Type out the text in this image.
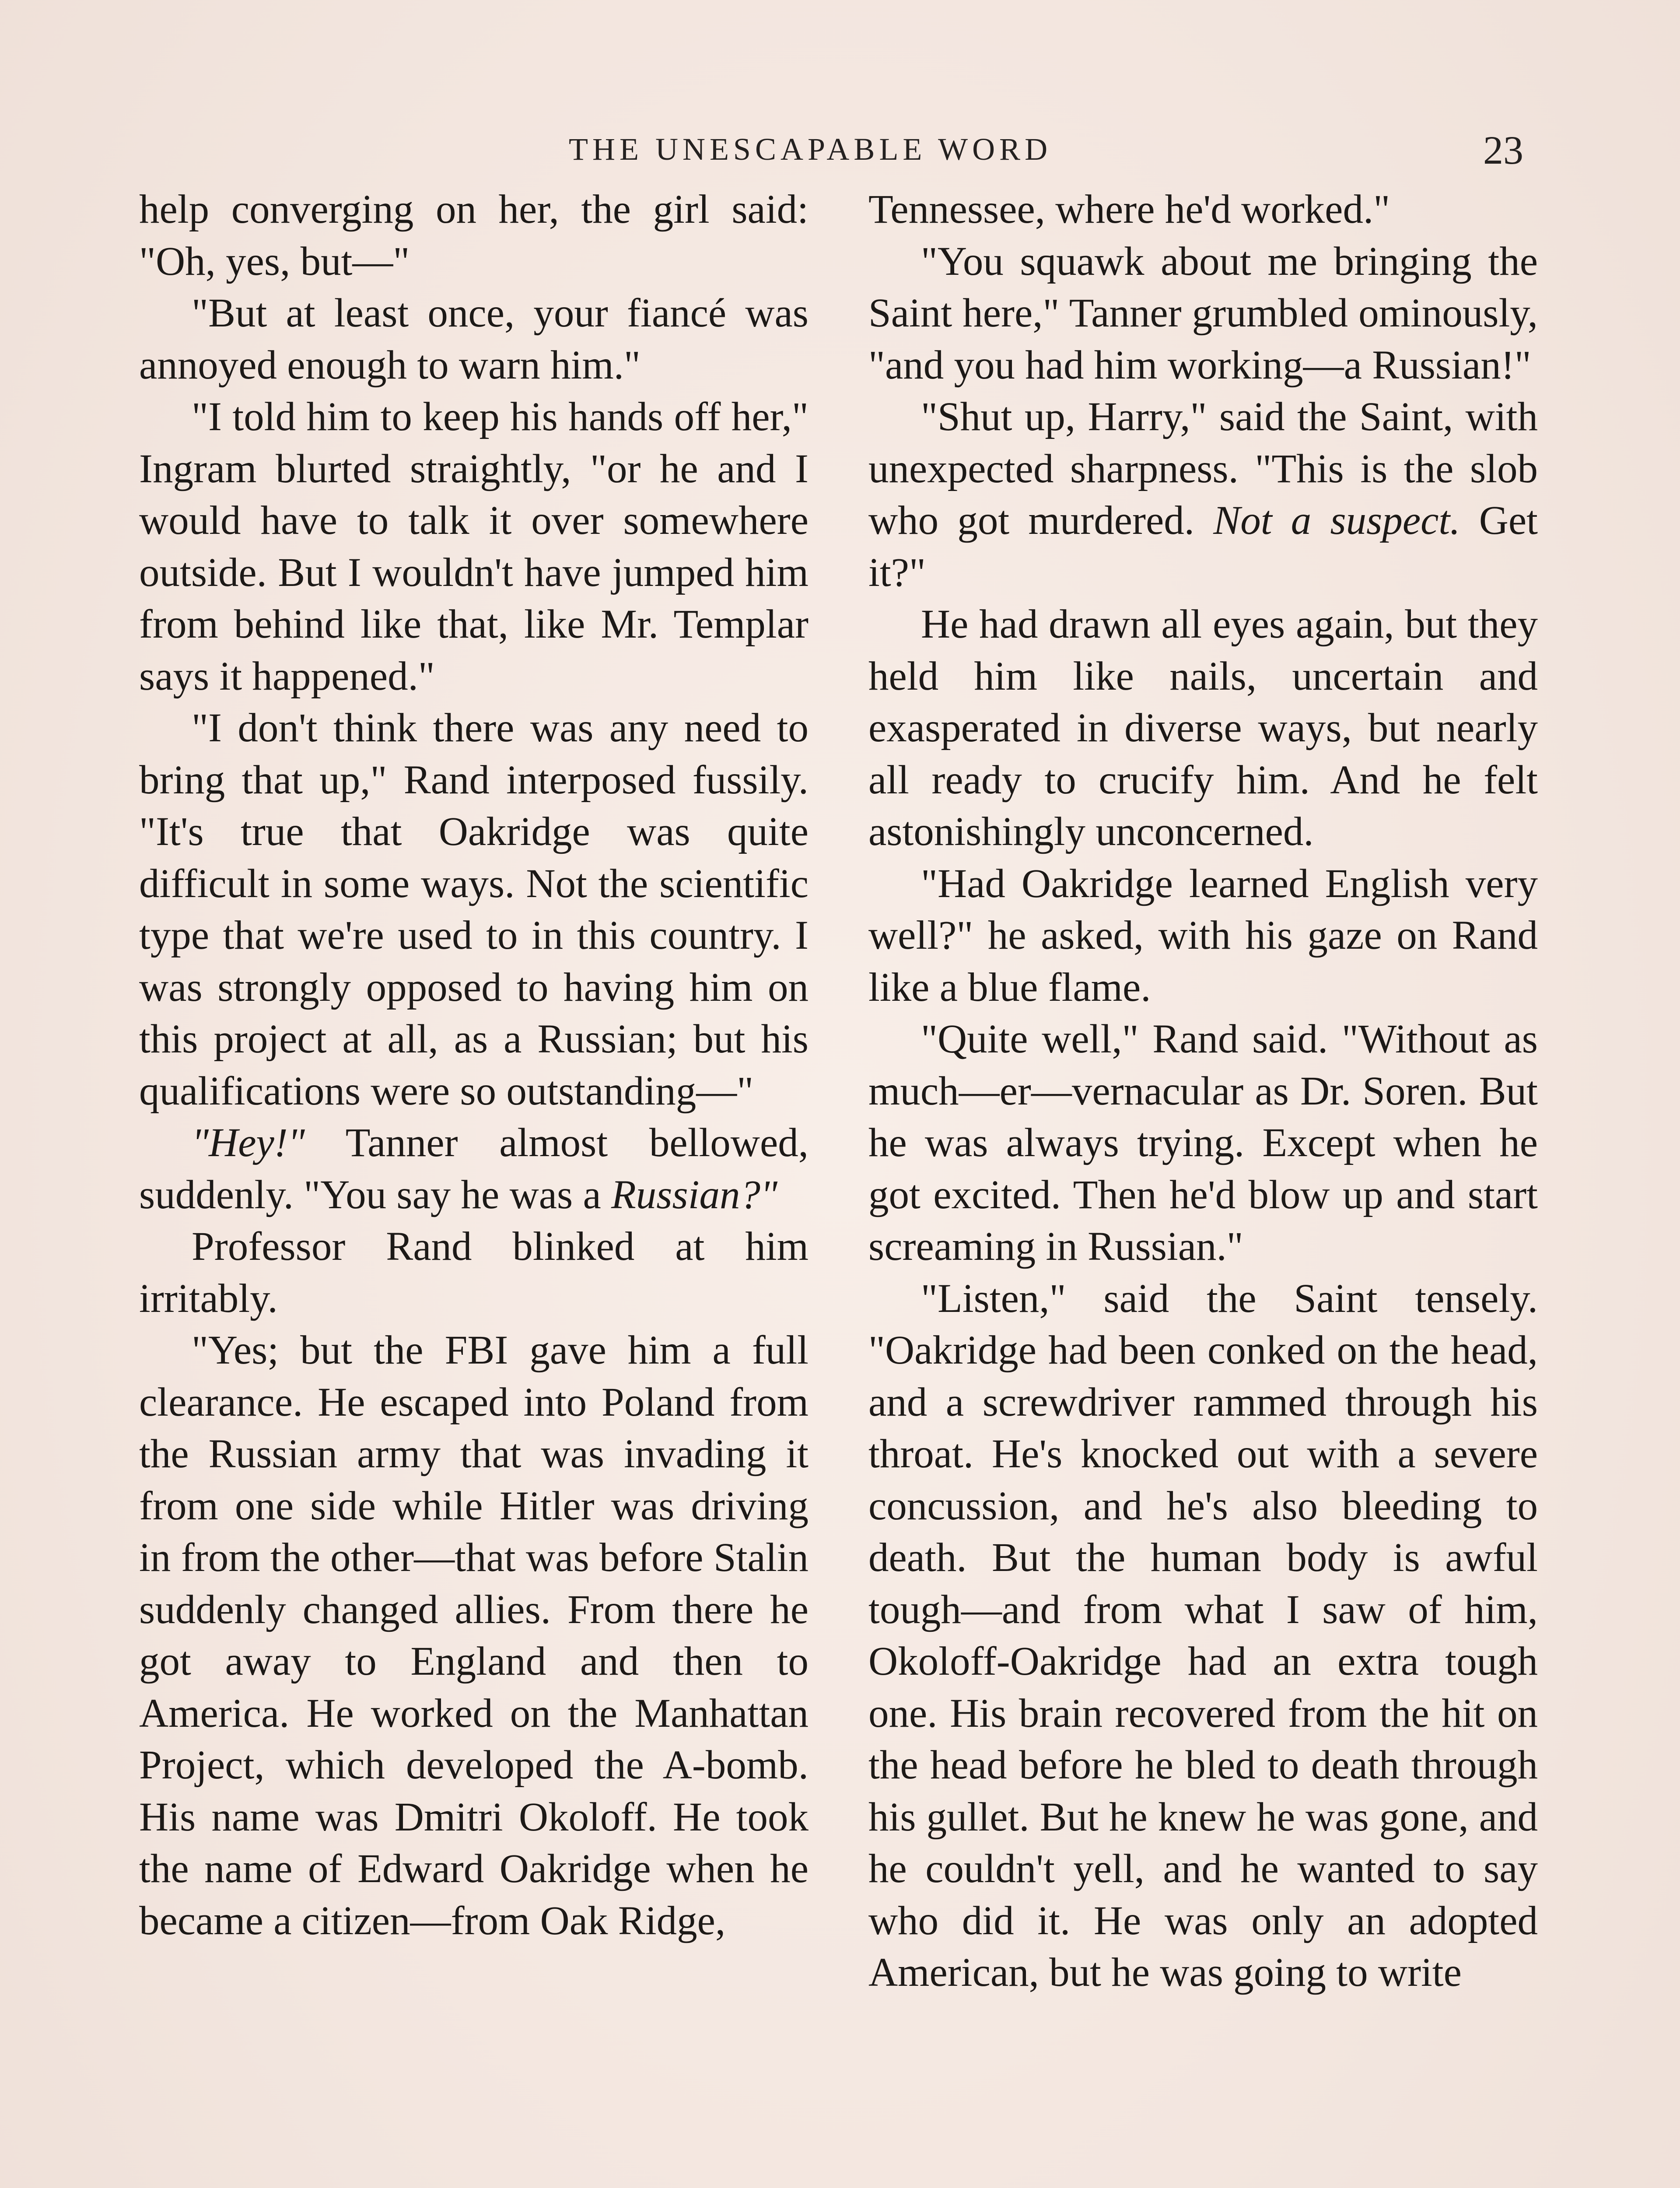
THE UNESCAPABLE WORD	23

help converging on her, the girl said: "Oh, yes, but—"

"But at least once, your fiancé was annoyed enough to warn him."

"I told him to keep his hands off her," Ingram blurted straightly, "or he and I would have to talk it over somewhere outside. But I wouldn't have jumped him from behind like that, like Mr. Templar says it happened."

"I don't think there was any need to bring that up," Rand interposed fussily. "It's true that Oakridge was quite difficult in some ways. Not the scientific type that we're used to in this country. I was strongly opposed to having him on this project at all, as a Russian; but his qualifications were so outstanding—"

"Hey!" Tanner almost bellowed, suddenly. "You say he was a Russian?"

Professor Rand blinked at him irritably.

"Yes; but the FBI gave him a full clearance. He escaped into Poland from the Russian army that was invading it from one side while Hitler was driving in from the other—that was before Stalin suddenly changed allies. From there he got away to England and then to America. He worked on the Manhattan Project, which developed the A-bomb. His name was Dmitri Okoloff. He took the name of Edward Oakridge when he became a citizen—from Oak Ridge,

Tennessee, where he'd worked."

"You squawk about me bringing the Saint here," Tanner grumbled ominously, "and you had him working—a Russian!"

"Shut up, Harry," said the Saint, with unexpected sharpness. "This is the slob who got murdered. Not a suspect. Get it?"

He had drawn all eyes again, but they held him like nails, uncertain and exasperated in diverse ways, but nearly all ready to crucify him. And he felt astonishingly unconcerned.

"Had Oakridge learned English very well?" he asked, with his gaze on Rand like a blue flame.

"Quite well," Rand said. "Without as much—er—vernacular as Dr. Soren. But he was always trying. Except when he got excited. Then he'd blow up and start screaming in Russian."

"Listen," said the Saint tensely. "Oakridge had been conked on the head, and a screwdriver rammed through his throat. He's knocked out with a severe concussion, and he's also bleeding to death. But the human body is awful tough—and from what I saw of him, Okoloff-Oakridge had an extra tough one. His brain recovered from the hit on the head before he bled to death through his gullet. But he knew he was gone, and he couldn't yell, and he wanted to say who did it. He was only an adopted American, but he was going to write
